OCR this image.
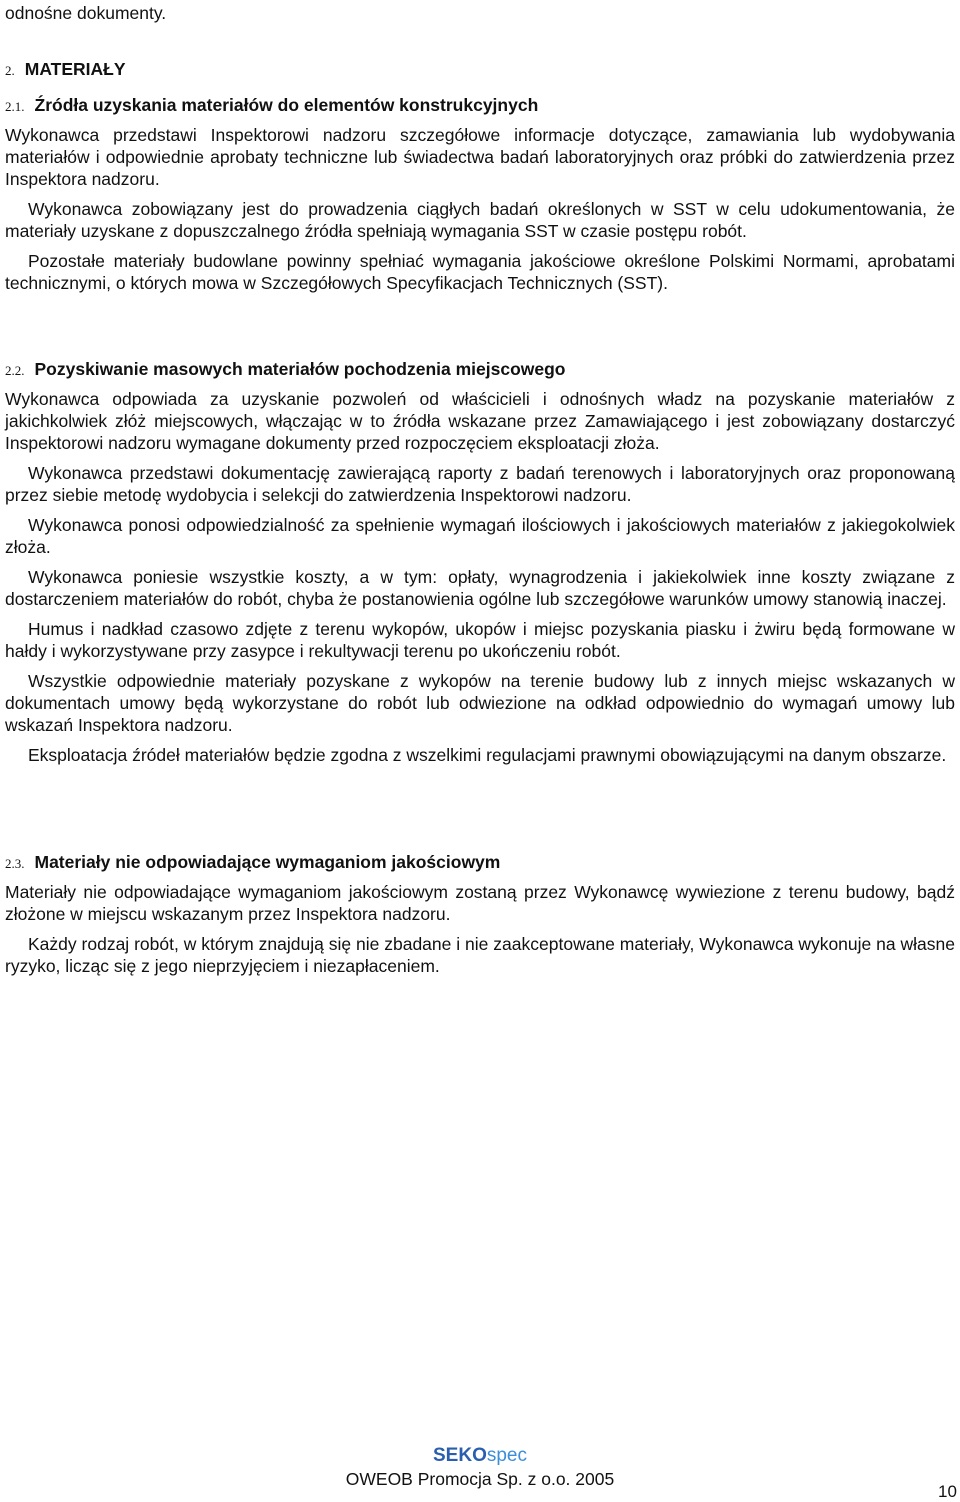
odnośne dokumenty.

2. MATERIAŁY
2.1. Źródła uzyskania materiałów do elementów konstrukcyjnych

Wykonawca przedstawi Inspektorowi nadzoru szczegółowe informacje dotyczące, zamawiania lub wydobywania materiałów i odpowiednie aprobaty techniczne lub świadectwa badań laboratoryjnych oraz próbki do zatwierdzenia przez Inspektora nadzoru.

Wykonawca zobowiązany jest do prowadzenia ciągłych badań określonych w SST w celu udokumentowania, że materiały uzyskane z dopuszczalnego źródła spełniają wymagania SST w czasie postępu robót.

Pozostałe materiały budowlane powinny spełniać wymagania jakościowe określone Polskimi Normami, aprobatami technicznymi, o których mowa w Szczegółowych Specyfikacjach Technicznych (SST).

2.2. Pozyskiwanie masowych materiałów pochodzenia miejscowego

Wykonawca odpowiada za uzyskanie pozwoleń od właścicieli i odnośnych władz na pozyskanie materiałów z jakichkolwiek złóż miejscowych, włączając w to źródła wskazane przez Zamawiającego i jest zobowiązany dostarczyć Inspektorowi nadzoru wymagane dokumenty przed rozpoczęciem eksploatacji złoża.

Wykonawca przedstawi dokumentację zawierającą raporty z badań terenowych i laboratoryjnych oraz proponowaną przez siebie metodę wydobycia i selekcji do zatwierdzenia Inspektorowi nadzoru.

Wykonawca ponosi odpowiedzialność za spełnienie wymagań ilościowych i jakościowych materiałów z jakiegokolwiek złoża.

Wykonawca poniesie wszystkie koszty, a w tym: opłaty, wynagrodzenia i jakiekolwiek inne koszty związane z dostarczeniem materiałów do robót, chyba że postanowienia ogólne lub szczegółowe warunków umowy stanowią inaczej.

Humus i nadkład czasowo zdjęte z terenu wykopów, ukopów i miejsc pozyskania piasku i żwiru będą formowane w hałdy i wykorzystywane przy zasypce i rekultywacji terenu po ukończeniu robót.

Wszystkie odpowiednie materiały pozyskane z wykopów na terenie budowy lub z innych miejsc wskazanych w dokumentach umowy będą wykorzystane do robót lub odwiezione na odkład odpowiednio do wymagań umowy lub wskazań Inspektora nadzoru.

Eksploatacja źródeł materiałów będzie zgodna z wszelkimi regulacjami prawnymi obowiązującymi na danym obszarze.

2.3. Materiały nie odpowiadające wymaganiom jakościowym

Materiały nie odpowiadające wymaganiom jakościowym zostaną przez Wykonawcę wywiezione z terenu budowy, bądź złożone w miejscu wskazanym przez Inspektora nadzoru.

Każdy rodzaj robót, w którym znajdują się nie zbadane i nie zaakceptowane materiały, Wykonawca wykonuje na własne ryzyko, licząc się z jego nieprzyjęciem i niezapłaceniem.

SEKOspec
OWEOB Promocja Sp. z o.o. 2005
10
